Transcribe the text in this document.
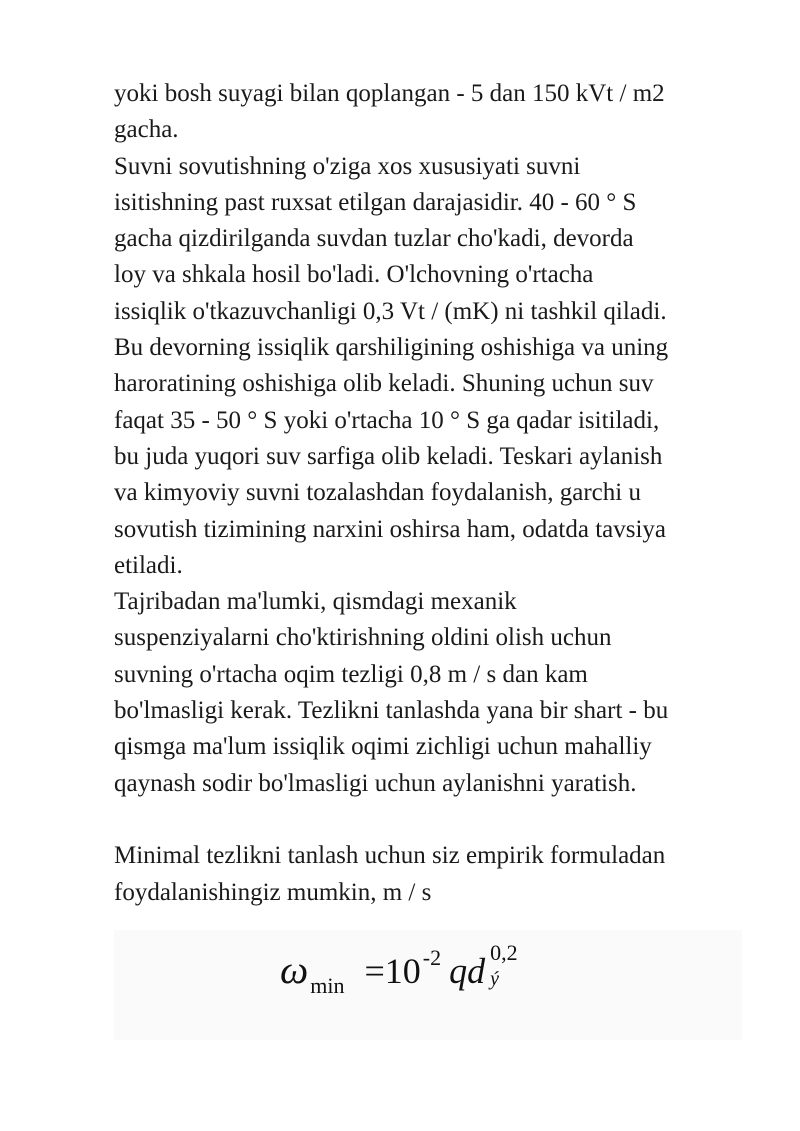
yoki bosh suyagi bilan qoplangan - 5 dan 150 kVt / m2
gacha.
Suvni sovutishning o'ziga xos xususiyati suvni
isitishning past ruxsat etilgan darajasidir. 40 - 60 ° S
gacha qizdirilganda suvdan tuzlar cho'kadi, devorda
loy va shkala hosil bo'ladi. O'lchovning o'rtacha
issiqlik o'tkazuvchanligi 0,3 Vt / (mK) ni tashkil qiladi.
Bu devorning issiqlik qarshiligining oshishiga va uning
haroratining oshishiga olib keladi. Shuning uchun suv
faqat 35 - 50 ° S yoki o'rtacha 10 ° S ga qadar isitiladi,
bu juda yuqori suv sarfiga olib keladi. Teskari aylanish
va kimyoviy suvni tozalashdan foydalanish, garchi u
sovutish tizimining narxini oshirsa ham, odatda tavsiya
etiladi.
Tajribadan ma'lumki, qismdagi mexanik
suspenziyalarni cho'ktirishning oldini olish uchun
suvning o'rtacha oqim tezligi 0,8 m / s dan kam
bo'lmasligi kerak. Tezlikni tanlashda yana bir shart - bu
qismga ma'lum issiqlik oqimi zichligi uchun mahalliy
qaynash sodir bo'lmasligi uchun aylanishni yaratish.
Minimal tezlikni tanlash uchun siz empirik formuladan
foydalanishingiz mumkin, m / s
$\omega_{min} =10^{-2}$ qd 0,2
ý
